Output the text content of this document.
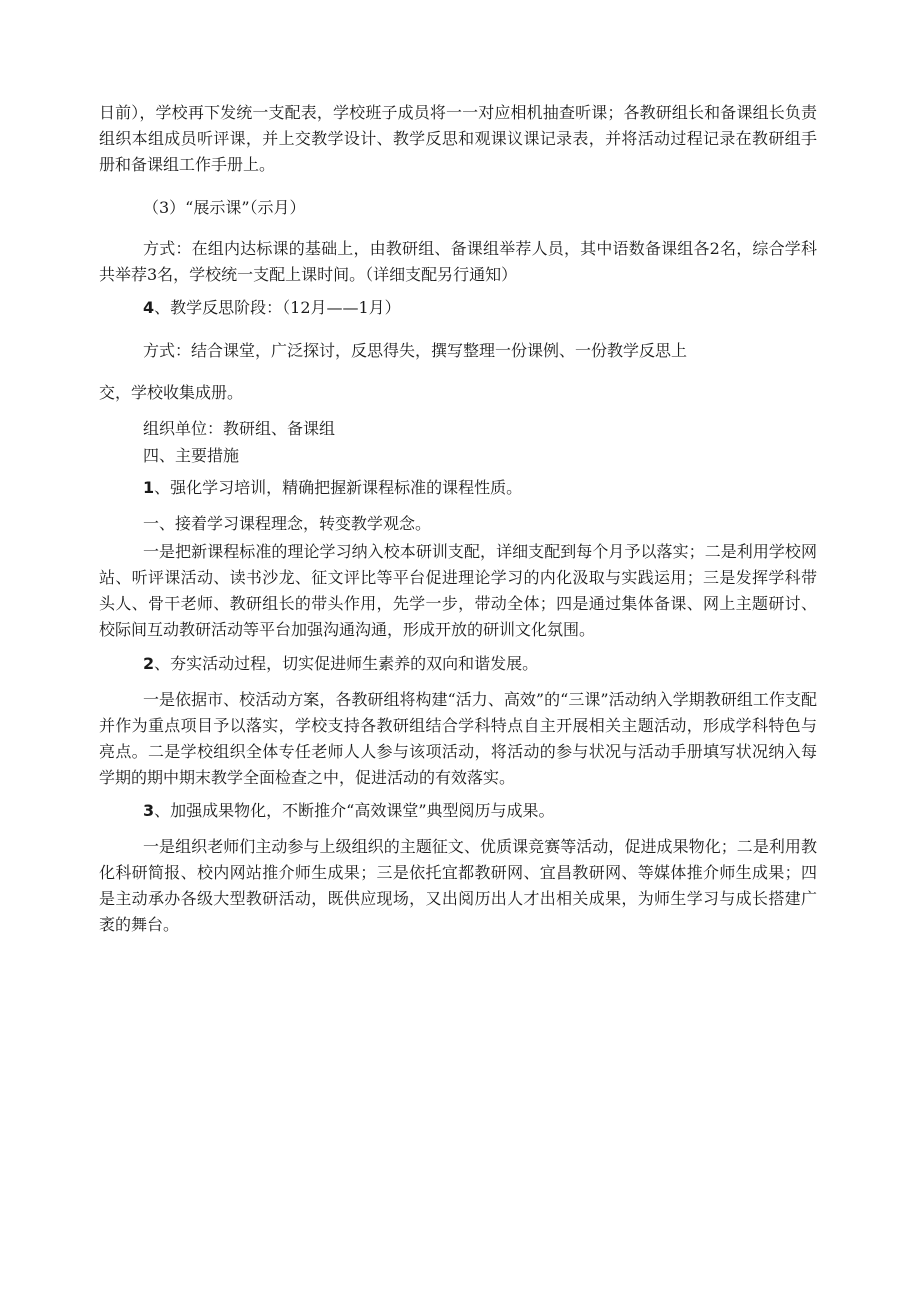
日前），学校再下发统一支配表，学校班子成员将一一对应相机抽查听课；各教研组长和备课组长负责组织本组成员听评课，并上交教学设计、教学反思和观课议课记录表，并将活动过程记录在教研组手册和备课组工作手册上。

（3）“展示课”（示月）

方式：在组内达标课的基础上，由教研组、备课组举荐人员，其中语数备课组各2名，综合学科共举荐3名，学校统一支配上课时间。（详细支配另行通知）

4、教学反思阶段：（12月——1月）

方式：结合课堂，广泛探讨，反思得失，撰写整理一份课例、一份教学反思上

交，学校收集成册。

组织单位：教研组、备课组

四、主要措施

1、强化学习培训，精确把握新课程标准的课程性质。

一、接着学习课程理念，转变教学观念。

一是把新课程标准的理论学习纳入校本研训支配，详细支配到每个月予以落实；二是利用学校网站、听评课活动、读书沙龙、征文评比等平台促进理论学习的内化汲取与实践运用；三是发挥学科带头人、骨干老师、教研组长的带头作用，先学一步，带动全体；四是通过集体备课、网上主题研讨、校际间互动教研活动等平台加强沟通沟通，形成开放的研训文化氛围。

2、夯实活动过程，切实促进师生素养的双向和谐发展。

一是依据市、校活动方案，各教研组将构建“活力、高效”的“三课”活动纳入学期教研组工作支配并作为重点项目予以落实，学校支持各教研组结合学科特点自主开展相关主题活动，形成学科特色与亮点。二是学校组织全体专任老师人人参与该项活动，将活动的参与状况与活动手册填写状况纳入每学期的期中期末教学全面检查之中，促进活动的有效落实。

3、加强成果物化，不断推介“高效课堂”典型阅历与成果。

一是组织老师们主动参与上级组织的主题征文、优质课竞赛等活动，促进成果物化；二是利用教化科研简报、校内网站推介师生成果；三是依托宜都教研网、宜昌教研网、等媒体推介师生成果；四是主动承办各级大型教研活动，既供应现场，又出阅历出人才出相关成果，为师生学习与成长搭建广袤的舞台。
